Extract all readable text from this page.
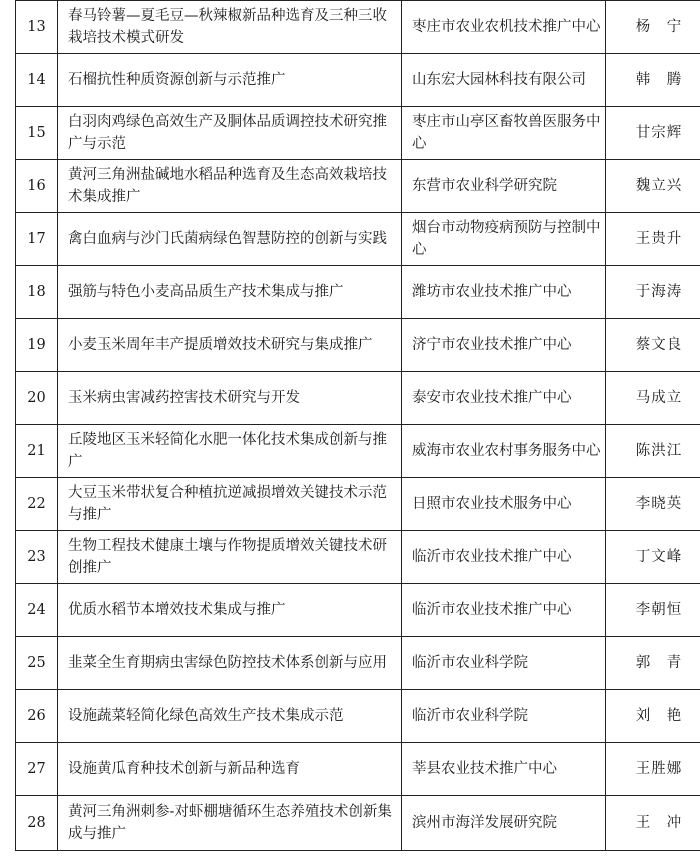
13	春马铃薯—夏毛豆—秋辣椒新品种选育及三种三收栽培技术模式研发	枣庄市农业农机技术推广中心	杨　宁
14	石榴抗性种质资源创新与示范推广	山东宏大园林科技有限公司	韩　腾
15	白羽肉鸡绿色高效生产及胴体品质调控技术研究推广与示范	枣庄市山亭区畜牧兽医服务中心	甘宗辉
16	黄河三角洲盐碱地水稻品种选育及生态高效栽培技术集成推广	东营市农业科学研究院	魏立兴
17	禽白血病与沙门氏菌病绿色智慧防控的创新与实践	烟台市动物疫病预防与控制中心	王贵升
18	强筋与特色小麦高品质生产技术集成与推广	潍坊市农业技术推广中心	于海涛
19	小麦玉米周年丰产提质增效技术研究与集成推广	济宁市农业技术推广中心	蔡文良
20	玉米病虫害减药控害技术研究与开发	泰安市农业技术推广中心	马成立
21	丘陵地区玉米轻简化水肥一体化技术集成创新与推广	威海市农业农村事务服务中心	陈洪江
22	大豆玉米带状复合种植抗逆减损增效关键技术示范与推广	日照市农业技术服务中心	李晓英
23	生物工程技术健康土壤与作物提质增效关键技术研创推广	临沂市农业技术推广中心	丁文峰
24	优质水稻节本增效技术集成与推广	临沂市农业技术推广中心	李朝恒
25	韭菜全生育期病虫害绿色防控技术体系创新与应用	临沂市农业科学院	郭　青
26	设施蔬菜轻简化绿色高效生产技术集成示范	临沂市农业科学院	刘　艳
27	设施黄瓜育种技术创新与新品种选育	莘县农业技术推广中心	王胜娜
28	黄河三角洲刺参-对虾棚塘循环生态养殖技术创新集成与推广	滨州市海洋发展研究院	王　冲
